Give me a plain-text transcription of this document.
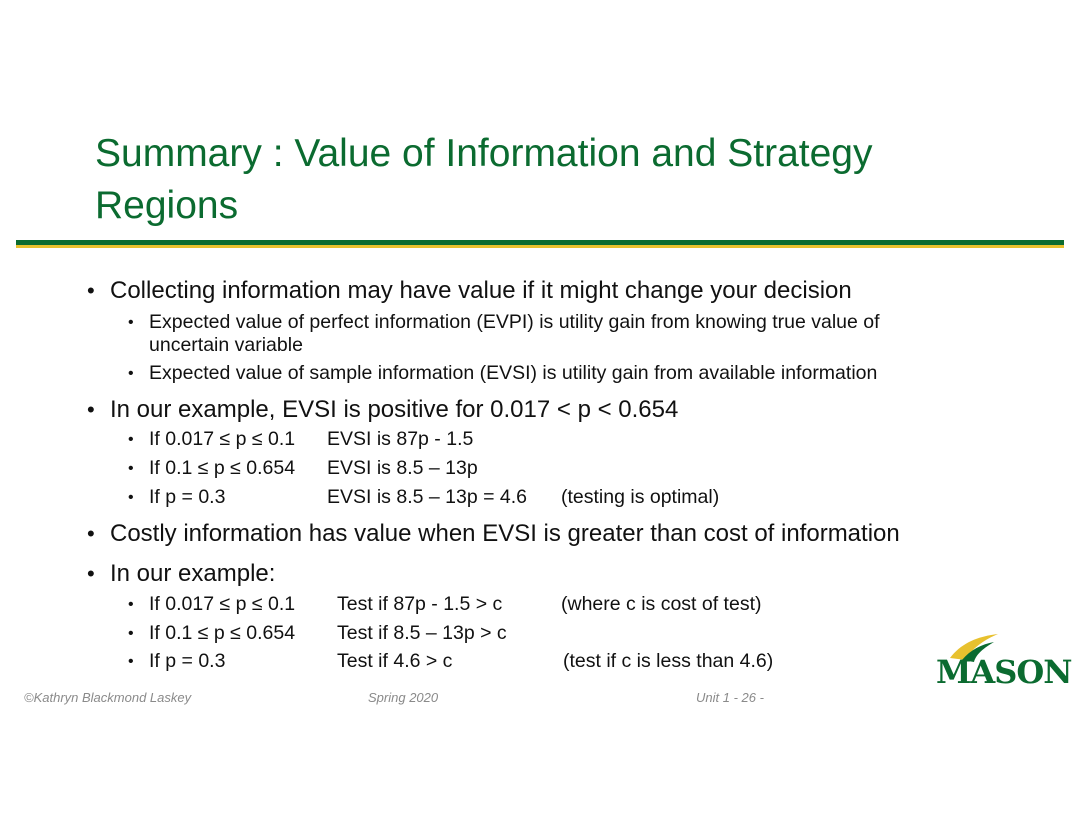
Summary : Value of Information and Strategy Regions
• Collecting information may have value if it might change your decision
• Expected value of perfect information (EVPI) is utility gain from knowing true value of
uncertain variable
• Expected value of sample information (EVSI) is utility gain from available information
• In our example, EVSI is positive for 0.017 < p < 0.654
• If 0.017 ≤ p ≤ 0.1 EVSI is 87p - 1.5
• If 0.1 ≤ p ≤ 0.654 EVSI is 8.5 – 13p
• If p = 0.3	EVSI is 8.5 – 13p = 4.6 (testing is optimal)
• Costly information has value when EVSI is greater than cost of information
• In our example:
• If 0.017 ≤ p ≤ 0.1 Test if 87p - 1.5 > c	(where c is cost of test)
• If 0.1 ≤ p ≤ 0.654 Test if 8.5 – 13p > c
• If p = 0.3	Test if 4.6 > c	(test if c is less than 4.6)
©Kathryn Blackmond Laskey	Spring 2020	Unit 1 - 26 -
MASON
